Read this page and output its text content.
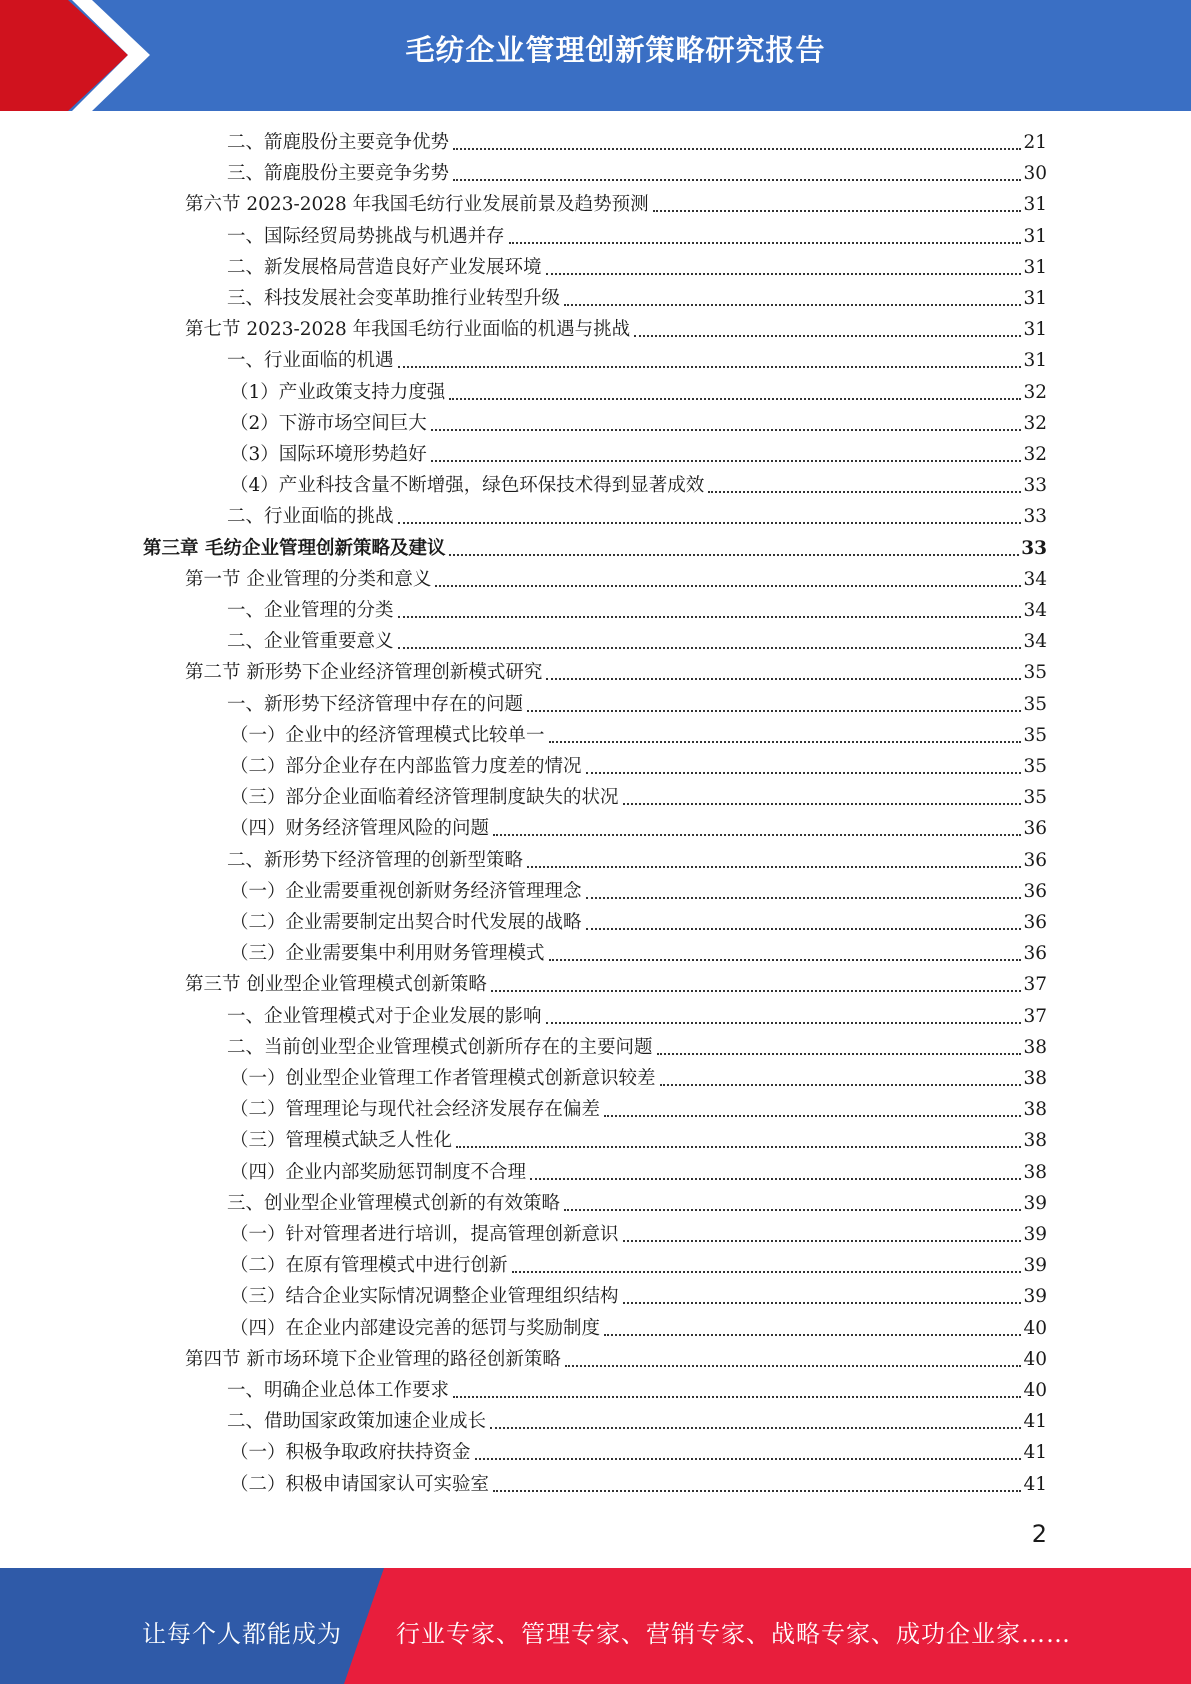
毛纺企业管理创新策略研究报告
二、箭鹿股份主要竞争优势	21
三、箭鹿股份主要竞争劣势	30
第六节 2023-2028 年我国毛纺行业发展前景及趋势预测	31
一、国际经贸局势挑战与机遇并存	31
二、新发展格局营造良好产业发展环境	31
三、科技发展社会变革助推行业转型升级	31
第七节 2023-2028 年我国毛纺行业面临的机遇与挑战	31
一、行业面临的机遇	31
（1）产业政策支持力度强	32
（2）下游市场空间巨大	32
（3）国际环境形势趋好	32
（4）产业科技含量不断增强，绿色环保技术得到显著成效	33
二、行业面临的挑战	33
第三章 毛纺企业管理创新策略及建议	33
第一节 企业管理的分类和意义	34
一、企业管理的分类	34
二、企业管重要意义	34
第二节 新形势下企业经济管理创新模式研究	35
一、新形势下经济管理中存在的问题	35
（一）企业中的经济管理模式比较单一	35
（二）部分企业存在内部监管力度差的情况	35
（三）部分企业面临着经济管理制度缺失的状况	35
（四）财务经济管理风险的问题	36
二、新形势下经济管理的创新型策略	36
（一）企业需要重视创新财务经济管理理念	36
（二）企业需要制定出契合时代发展的战略	36
（三）企业需要集中利用财务管理模式	36
第三节 创业型企业管理模式创新策略	37
一、企业管理模式对于企业发展的影响	37
二、当前创业型企业管理模式创新所存在的主要问题	38
（一）创业型企业管理工作者管理模式创新意识较差	38
（二）管理理论与现代社会经济发展存在偏差	38
（三）管理模式缺乏人性化	38
（四）企业内部奖励惩罚制度不合理	38
三、创业型企业管理模式创新的有效策略	39
（一）针对管理者进行培训，提高管理创新意识	39
（二）在原有管理模式中进行创新	39
（三）结合企业实际情况调整企业管理组织结构	39
（四）在企业内部建设完善的惩罚与奖励制度	40
第四节 新市场环境下企业管理的路径创新策略	40
一、明确企业总体工作要求	40
二、借助国家政策加速企业成长	41
（一）积极争取政府扶持资金	41
（二）积极申请国家认可实验室	41
2
让每个人都能成为 行业专家、管理专家、营销专家、战略专家、成功企业家……
